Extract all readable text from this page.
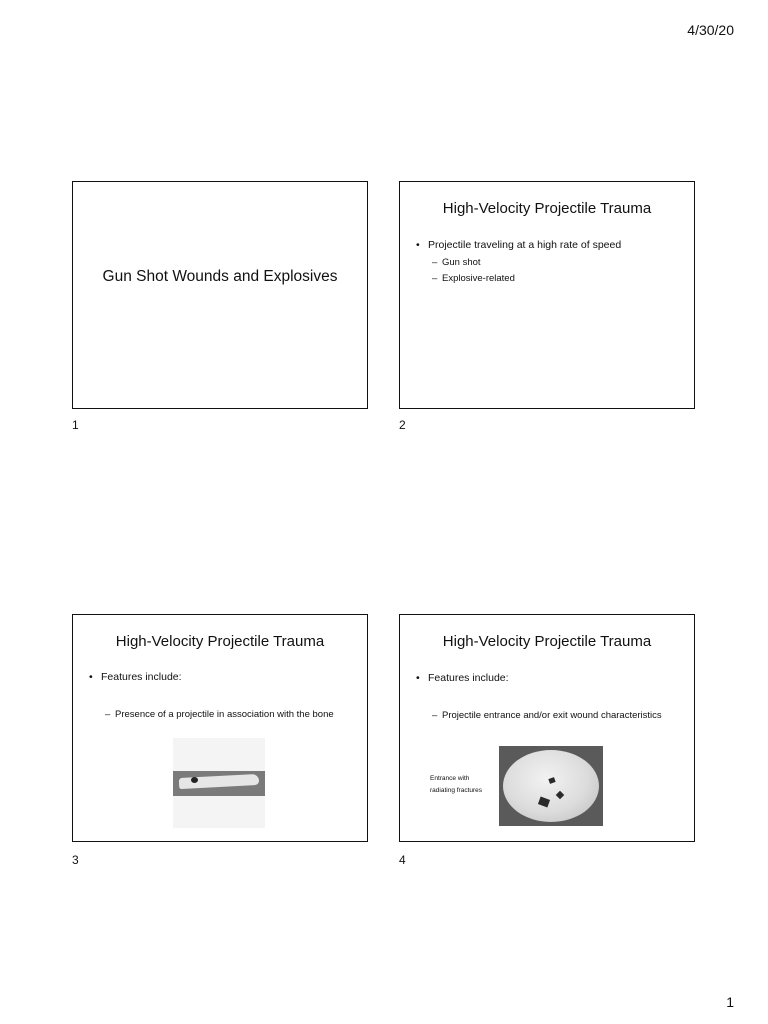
4/30/20
Gun Shot Wounds and Explosives
1
High-Velocity Projectile Trauma
• Projectile traveling at a high rate of speed
– Gun shot
– Explosive-related
2
High-Velocity Projectile Trauma
• Features include:
– Presence of a projectile in association with the bone
3
High-Velocity Projectile Trauma
• Features include:
– Projectile entrance and/or exit wound characteristics
Entrance with radiating fractures
4
1
